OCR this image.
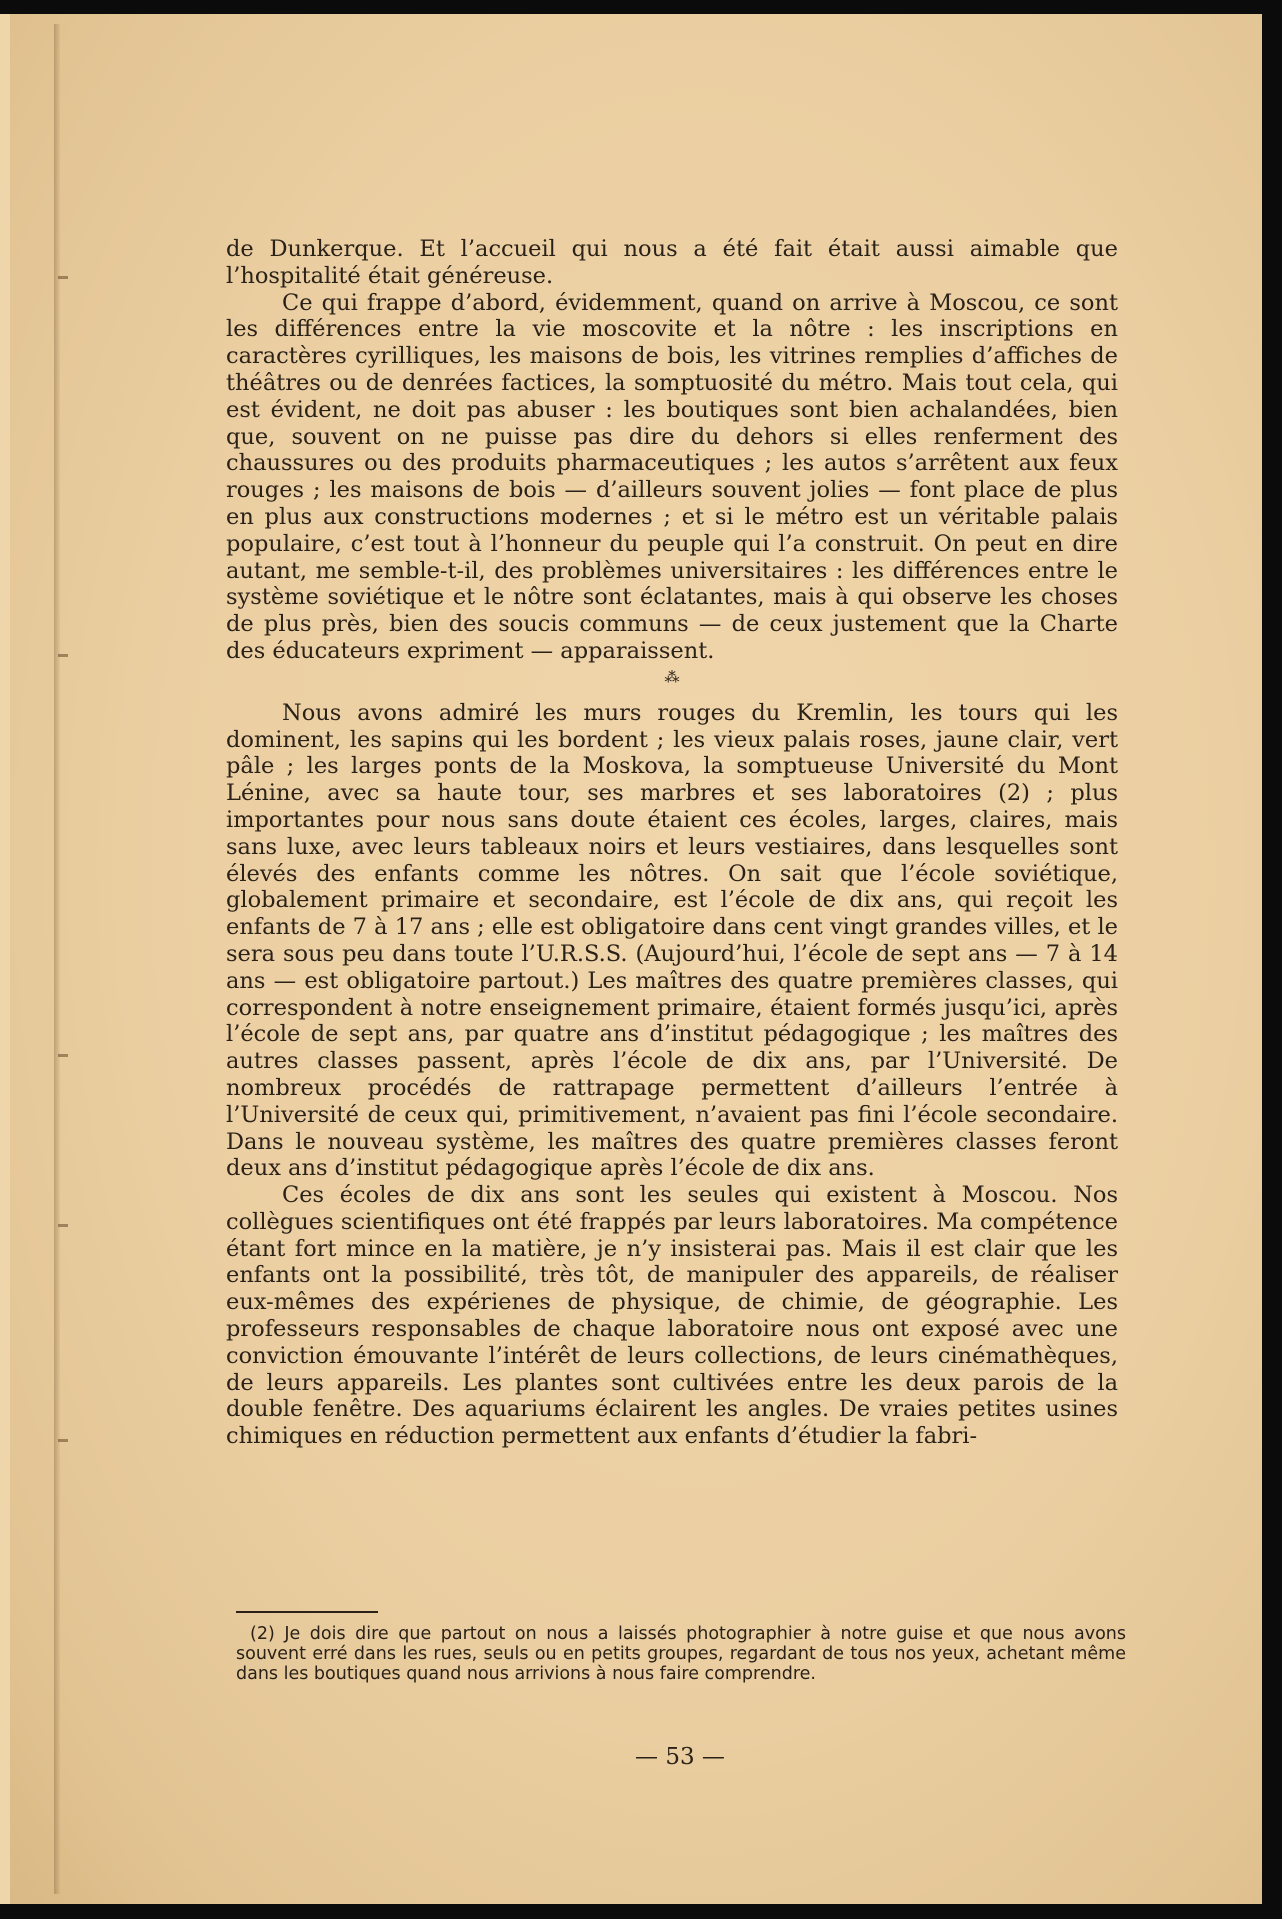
de Dunkerque. Et l’accueil qui nous a été fait était aussi aimable que l’hospitalité était généreuse.

Ce qui frappe d’abord, évidemment, quand on arrive à Moscou, ce sont les différences entre la vie moscovite et la nôtre : les inscriptions en caractères cyrilliques, les maisons de bois, les vitrines remplies d’affiches de théâtres ou de denrées factices, la somptuosité du métro. Mais tout cela, qui est évident, ne doit pas abuser : les boutiques sont bien achalandées, bien que, souvent on ne puisse pas dire du dehors si elles renferment des chaussures ou des produits pharmaceutiques ; les autos s’arrêtent aux feux rouges ; les maisons de bois — d’ailleurs souvent jolies — font place de plus en plus aux constructions modernes ; et si le métro est un véritable palais populaire, c’est tout à l’honneur du peuple qui l’a construit. On peut en dire autant, me semble-t-il, des problèmes universitaires : les différences entre le système soviétique et le nôtre sont éclatantes, mais à qui observe les choses de plus près, bien des soucis communs — de ceux justement que la Charte des éducateurs expriment — apparaissent.

⁂

Nous avons admiré les murs rouges du Kremlin, les tours qui les dominent, les sapins qui les bordent ; les vieux palais roses, jaune clair, vert pâle ; les larges ponts de la Moskova, la somptueuse Université du Mont Lénine, avec sa haute tour, ses marbres et ses laboratoires (2) ; plus importantes pour nous sans doute étaient ces écoles, larges, claires, mais sans luxe, avec leurs tableaux noirs et leurs vestiaires, dans lesquelles sont élevés des enfants comme les nôtres. On sait que l’école soviétique, globalement primaire et secondaire, est l’école de dix ans, qui reçoit les enfants de 7 à 17 ans ; elle est obligatoire dans cent vingt grandes villes, et le sera sous peu dans toute l’U.R.S.S. (Aujourd’hui, l’école de sept ans — 7 à 14 ans — est obligatoire partout.) Les maîtres des quatre premières classes, qui correspondent à notre enseignement primaire, étaient formés jusqu’ici, après l’école de sept ans, par quatre ans d’institut pédagogique ; les maîtres des autres classes passent, après l’école de dix ans, par l’Université. De nombreux procédés de rattrapage permettent d’ailleurs l’entrée à l’Université de ceux qui, primitivement, n’avaient pas fini l’école secondaire. Dans le nouveau système, les maîtres des quatre premières classes feront deux ans d’institut pédagogique après l’école de dix ans.

Ces écoles de dix ans sont les seules qui existent à Moscou. Nos collègues scientifiques ont été frappés par leurs laboratoires. Ma compétence étant fort mince en la matière, je n’y insisterai pas. Mais il est clair que les enfants ont la possibilité, très tôt, de manipuler des appareils, de réaliser eux-mêmes des expérienes de physique, de chimie, de géographie. Les professeurs responsables de chaque laboratoire nous ont exposé avec une conviction émouvante l’intérêt de leurs collections, de leurs cinémathèques, de leurs appareils. Les plantes sont cultivées entre les deux parois de la double fenêtre. Des aquariums éclairent les angles. De vraies petites usines chimiques en réduction permettent aux enfants d’étudier la fabri-

(2) Je dois dire que partout on nous a laissés photographier à notre guise et que nous avons souvent erré dans les rues, seuls ou en petits groupes, regardant de tous nos yeux, achetant même dans les boutiques quand nous arrivions à nous faire comprendre.

— 53 —
